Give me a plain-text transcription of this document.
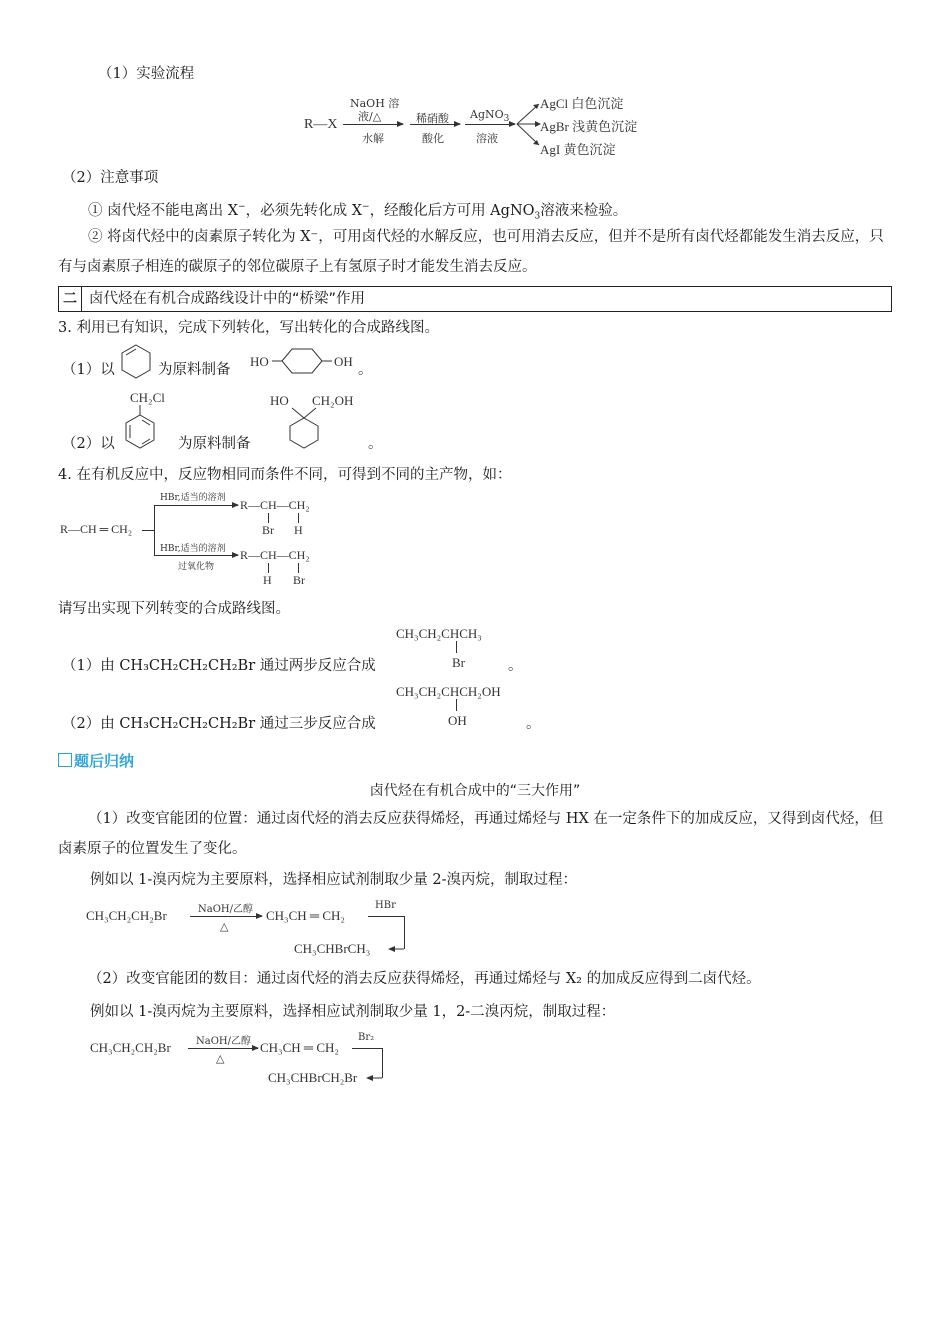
（1）实验流程
R—X
NaOH 溶
液/△
水解
稀硝酸
酸化
AgNO$_3$
溶液
AgCl 白色沉淀
AgBr 浅黄色沉淀
AgI 黄色沉淀
（2）注意事项
① 卤代烃不能电离出 X−，必须先转化成 X−，经酸化后方可用 AgNO$_3$溶液来检验。
② 将卤代烃中的卤素原子转化为 X⁻，可用卤代烃的水解反应，也可用消去反应，但并不是所有卤代烃都能发生消去反应，只有与卤素原子相连的碳原子的邻位碳原子上有氢原子时才能发生消去反应。
二 卤代烃在有机合成路线设计中的“桥梁”作用
3. 利用已有知识，完成下列转化，写出转化的合成路线图。
（1）以	为原料制备
HO	OH
。
（2）以
CH₂Cl
为原料制备
HO CH₂OH
。
4. 在有机反应中，反应物相同而条件不同，可得到不同的主产物，如：
R—CH ═ CH₂
HBr,适当的溶剂
HBr,适当的溶剂
过氧化物
R—CH—CH₂
Br H
R—CH—CH₂
H Br
请写出实现下列转变的合成路线图。
CH₃CH₂CHCH₃
Br
（1）由 CH₃CH₂CH₂CH₂Br 通过两步反应合成	。
CH₃CH₂CHCH₂OH
OH
（2）由 CH₃CH₂CH₂CH₂Br 通过三步反应合成	。
题后归纳
卤代烃在有机合成中的“三大作用”
（1）改变官能团的位置：通过卤代烃的消去反应获得烯烃，再通过烯烃与 HX 在一定条件下的加成反应，又得到卤代烃，但卤素原子的位置发生了变化。
例如以 1-溴丙烷为主要原料，选择相应试剂制取少量 2-溴丙烷，制取过程：
CH₃CH₂CH₂Br	NaOH/乙醇
△
CH₃CH ═ CH₂
HBr
CH₃CHBrCH₃
（2）改变官能团的数目：通过卤代烃的消去反应获得烯烃，再通过烯烃与 X₂ 的加成反应得到二卤代烃。
例如以 1-溴丙烷为主要原料，选择相应试剂制取少量 1，2-二溴丙烷，制取过程：
CH₃CH₂CH₂Br	NaOH/乙醇
△
CH₃CH ═ CH₂
Br₂
CH₃CHBrCH₂Br
